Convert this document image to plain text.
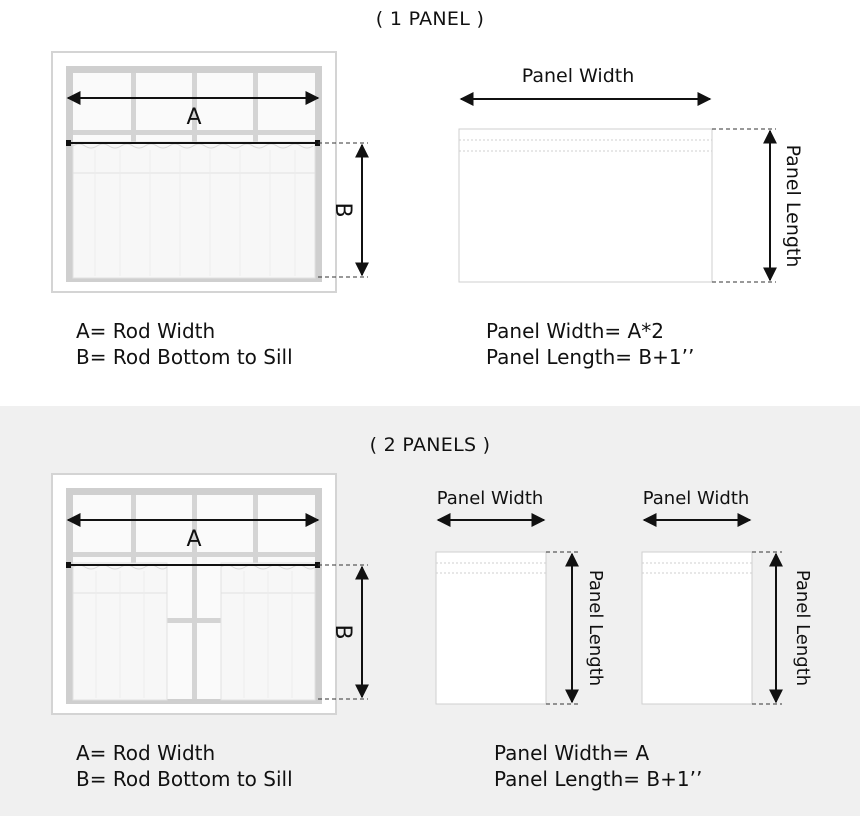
( 1 PANEL )
A
B
Panel Width
Panel Length
A= Rod Width
B= Rod Bottom to Sill
Panel Width= A*2
Panel Length= B+1’’
( 2 PANELS )
A
B
Panel Width
Panel Length
Panel Width
Panel Length
A= Rod Width
B= Rod Bottom to Sill
Panel Width= A
Panel Length= B+1’’
